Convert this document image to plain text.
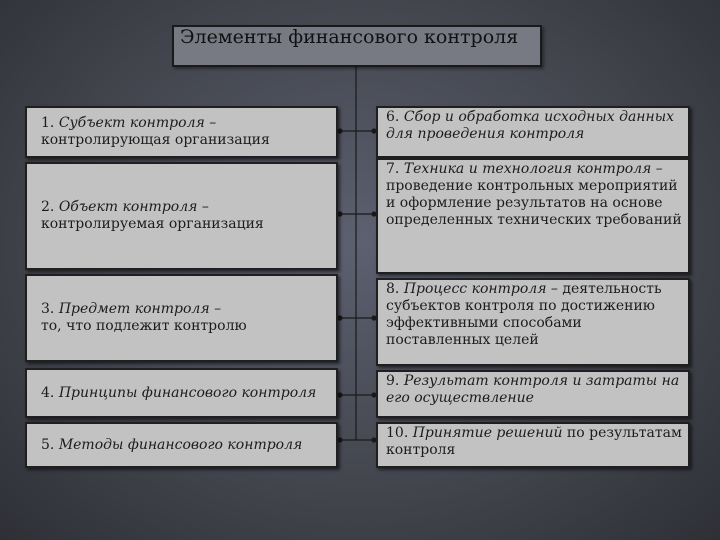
Элементы финансового контроля
1. Субъект контроля – контролирующая организация
2. Объект контроля – контролируемая организация
3. Предмет контроля –
то, что подлежит контролю
4. Принципы финансового контроля
5. Методы финансового контроля
6. Сбор и обработка исходных данных для проведения контроля
7. Техника и технология контроля – проведение контрольных мероприятий и оформление результатов на основе определенных технических требований
8. Процесс контроля – деятельность субъектов контроля по достижению эффективными способами поставленных целей
9. Результат контроля и затраты на его осуществление
10. Принятие решений по результатам контроля
